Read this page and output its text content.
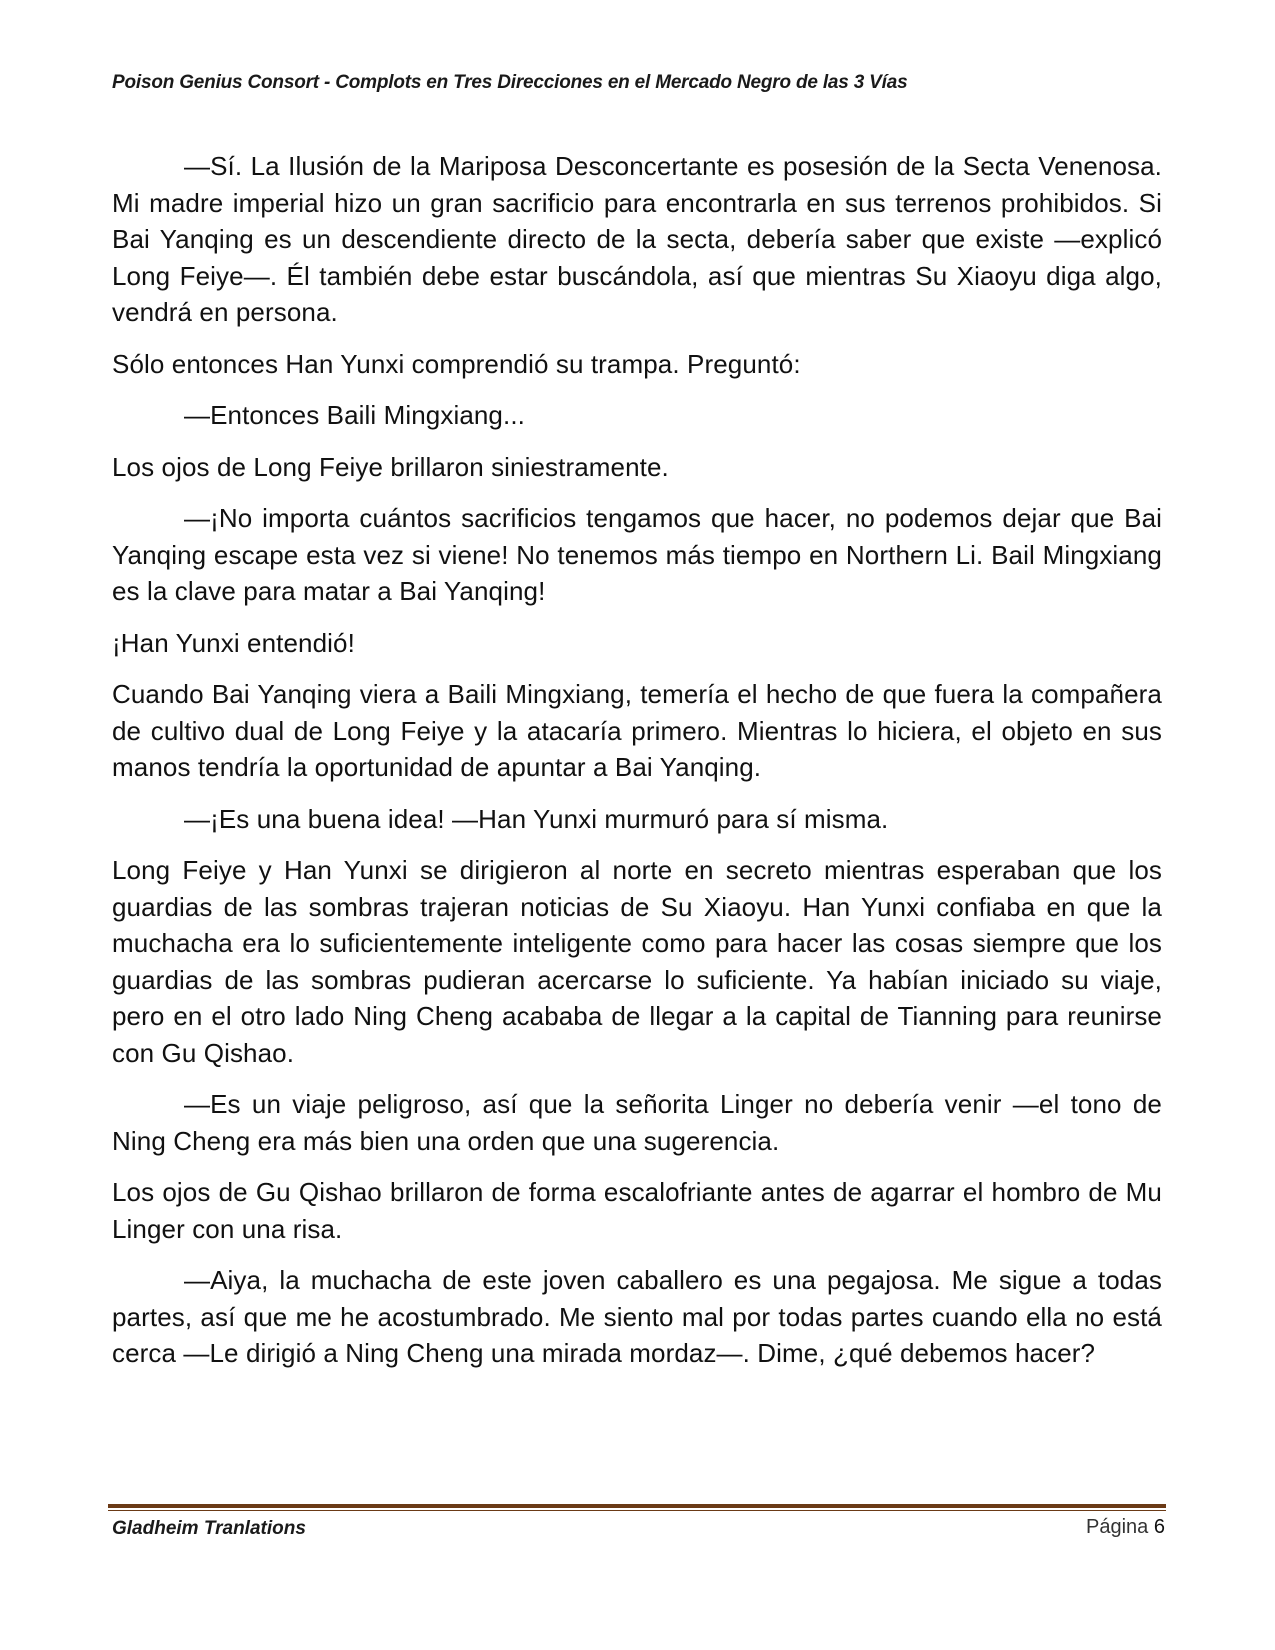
Poison Genius Consort - Complots en Tres Direcciones en el Mercado Negro de las 3 Vías

—Sí. La Ilusión de la Mariposa Desconcertante es posesión de la Secta Venenosa. Mi madre imperial hizo un gran sacrificio para encontrarla en sus terrenos prohibidos. Si Bai Yanqing es un descendiente directo de la secta, debería saber que existe —explicó Long Feiye—. Él también debe estar buscándola, así que mientras Su Xiaoyu diga algo, vendrá en persona.

Sólo entonces Han Yunxi comprendió su trampa. Preguntó:

—Entonces Baili Mingxiang...

Los ojos de Long Feiye brillaron siniestramente.

—¡No importa cuántos sacrificios tengamos que hacer, no podemos dejar que Bai Yanqing escape esta vez si viene! No tenemos más tiempo en Northern Li. Bail Mingxiang es la clave para matar a Bai Yanqing!

¡Han Yunxi entendió!

Cuando Bai Yanqing viera a Baili Mingxiang, temería el hecho de que fuera la compañera de cultivo dual de Long Feiye y la atacaría primero. Mientras lo hiciera, el objeto en sus manos tendría la oportunidad de apuntar a Bai Yanqing.

—¡Es una buena idea! —Han Yunxi murmuró para sí misma.

Long Feiye y Han Yunxi se dirigieron al norte en secreto mientras esperaban que los guardias de las sombras trajeran noticias de Su Xiaoyu. Han Yunxi confiaba en que la muchacha era lo suficientemente inteligente como para hacer las cosas siempre que los guardias de las sombras pudieran acercarse lo suficiente. Ya habían iniciado su viaje, pero en el otro lado Ning Cheng acababa de llegar a la capital de Tianning para reunirse con Gu Qishao.

—Es un viaje peligroso, así que la señorita Linger no debería venir —el tono de Ning Cheng era más bien una orden que una sugerencia.

Los ojos de Gu Qishao brillaron de forma escalofriante antes de agarrar el hombro de Mu Linger con una risa.

—Aiya, la muchacha de este joven caballero es una pegajosa. Me sigue a todas partes, así que me he acostumbrado. Me siento mal por todas partes cuando ella no está cerca —Le dirigió a Ning Cheng una mirada mordaz—. Dime, ¿qué debemos hacer?

Gladheim Tranlations	Página 6
